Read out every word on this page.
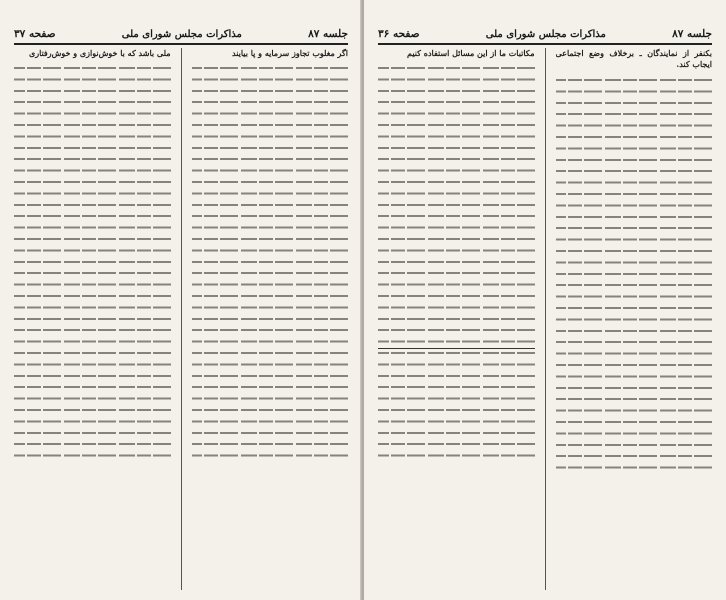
جلسه ۸۷
مذاکرات مجلس شورای ملی
صفحه ۳۷

اگر مغلوب تجاوز سرمایه و پا بیایند

ملی باشد که با خوش‌نوازی و خوش‌رفتاری

جلسه ۸۷
مذاکرات مجلس شورای ملی
صفحه ۳۶

بکنفر از نمایندگان ـ برخلاف وضع اجتماعی ایجاب کند.

مکاتبات ما از این مسائل استفاده کنیم
